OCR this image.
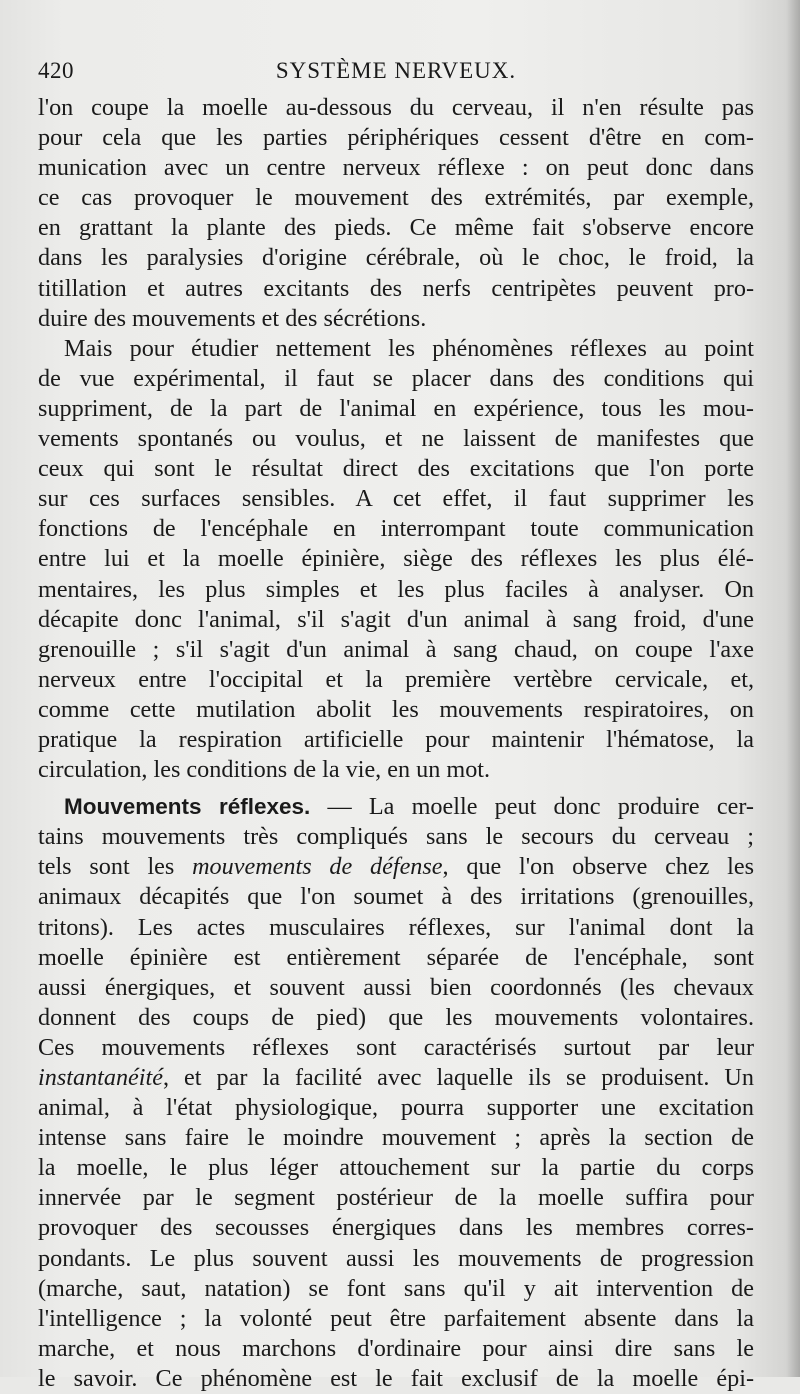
420	SYSTÈME NERVEUX.
l'on coupe la moelle au-dessous du cerveau, il n'en résulte pas
pour cela que les parties périphériques cessent d'être en com-
munication avec un centre nerveux réflexe : on peut donc dans
ce cas provoquer le mouvement des extrémités, par exemple,
en grattant la plante des pieds. Ce même fait s'observe encore
dans les paralysies d'origine cérébrale, où le choc, le froid, la
titillation et autres excitants des nerfs centripètes peuvent pro-
duire des mouvements et des sécrétions.
Mais pour étudier nettement les phénomènes réflexes au point
de vue expérimental, il faut se placer dans des conditions qui
suppriment, de la part de l'animal en expérience, tous les mou-
vements spontanés ou voulus, et ne laissent de manifestes que
ceux qui sont le résultat direct des excitations que l'on porte
sur ces surfaces sensibles. A cet effet, il faut supprimer les
fonctions de l'encéphale en interrompant toute communication
entre lui et la moelle épinière, siège des réflexes les plus élé-
mentaires, les plus simples et les plus faciles à analyser. On
décapite donc l'animal, s'il s'agit d'un animal à sang froid, d'une
grenouille ; s'il s'agit d'un animal à sang chaud, on coupe l'axe
nerveux entre l'occipital et la première vertèbre cervicale, et,
comme cette mutilation abolit les mouvements respiratoires, on
pratique la respiration artificielle pour maintenir l'hématose, la
circulation, les conditions de la vie, en un mot.
Mouvements réflexes. — La moelle peut donc produire cer-
tains mouvements très compliqués sans le secours du cerveau ;
tels sont les mouvements de défense, que l'on observe chez les
animaux décapités que l'on soumet à des irritations (grenouilles,
tritons). Les actes musculaires réflexes, sur l'animal dont la
moelle épinière est entièrement séparée de l'encéphale, sont
aussi énergiques, et souvent aussi bien coordonnés (les chevaux
donnent des coups de pied) que les mouvements volontaires.
Ces mouvements réflexes sont caractérisés surtout par leur
instantanéité, et par la facilité avec laquelle ils se produisent. Un
animal, à l'état physiologique, pourra supporter une excitation
intense sans faire le moindre mouvement ; après la section de
la moelle, le plus léger attouchement sur la partie du corps
innervée par le segment postérieur de la moelle suffira pour
provoquer des secousses énergiques dans les membres corres-
pondants. Le plus souvent aussi les mouvements de progression
(marche, saut, natation) se font sans qu'il y ait intervention de
l'intelligence ; la volonté peut être parfaitement absente dans la
marche, et nous marchons d'ordinaire pour ainsi dire sans le
le savoir. Ce phénomène est le fait exclusif de la moelle épi-
